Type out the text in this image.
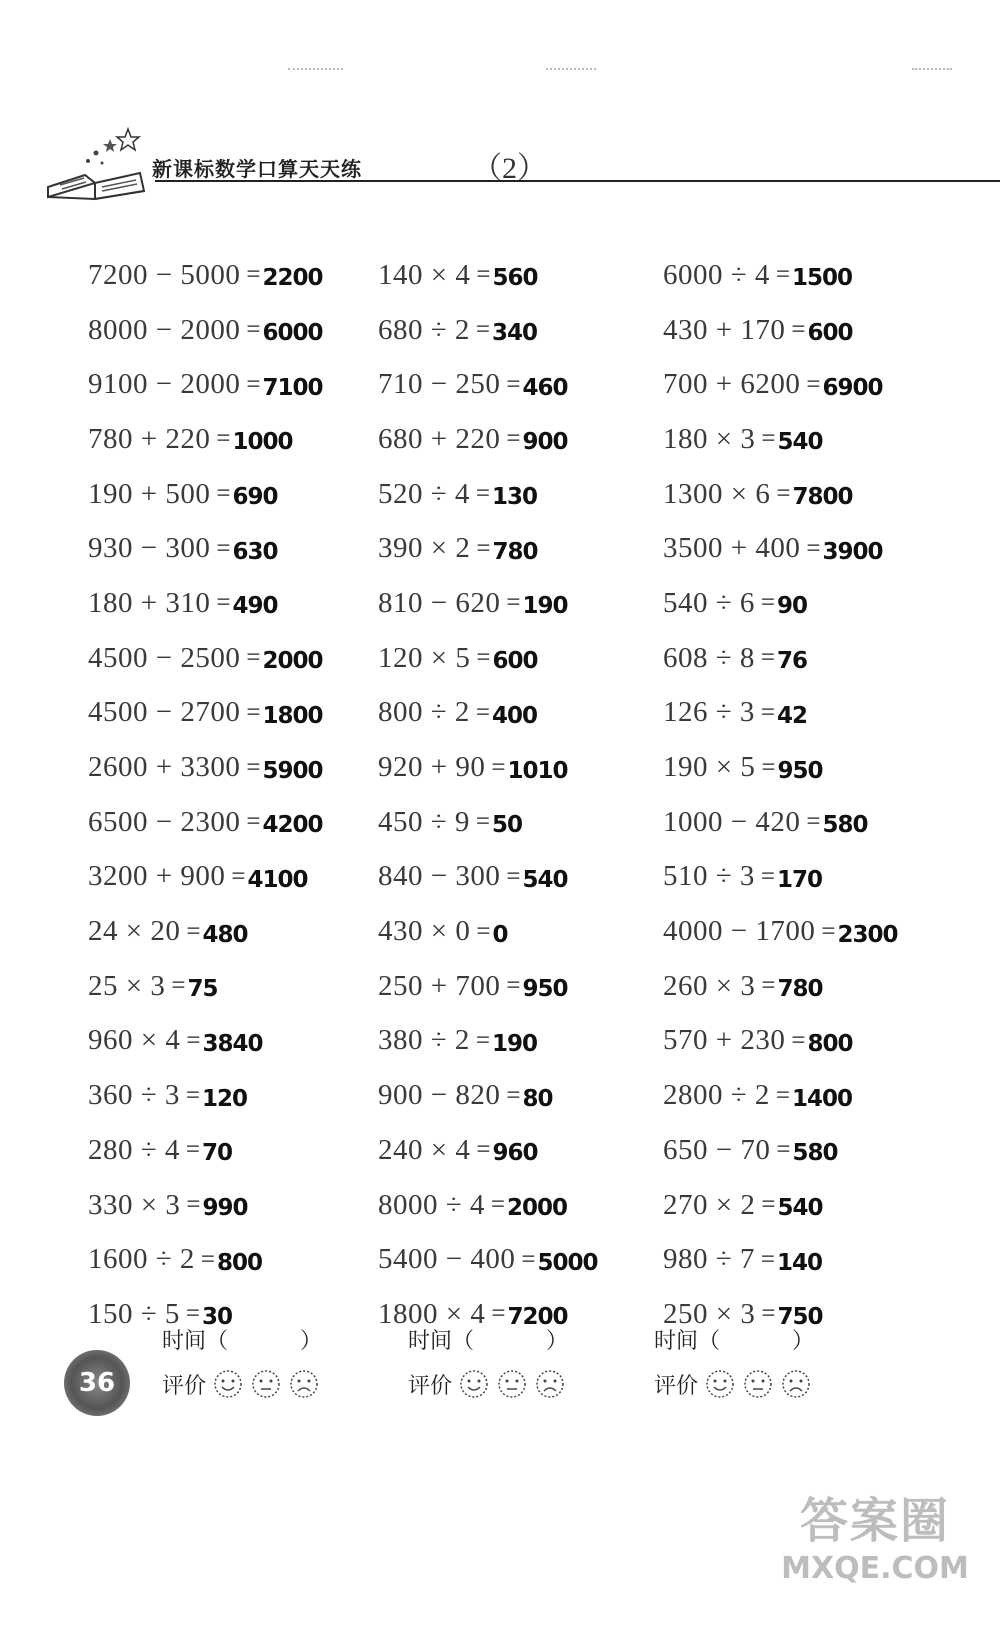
新课标数学口算天天练	（2）
7200 − 5000 = 2200
8000 − 2000 = 6000
9100 − 2000 = 7100
780 + 220 = 1000
190 + 500 = 690
930 − 300 = 630
180 + 310 = 490
4500 − 2500 = 2000
4500 − 2700 = 1800
2600 + 3300 = 5900
6500 − 2300 = 4200
3200 + 900 = 4100
24 × 20 = 480
25 × 3 = 75
960 × 4 = 3840
360 ÷ 3 = 120
280 ÷ 4 = 70
330 × 3 = 990
1600 ÷ 2 = 800
150 ÷ 5 = 30
140 × 4 = 560
680 ÷ 2 = 340
710 − 250 = 460
680 + 220 = 900
520 ÷ 4 = 130
390 × 2 = 780
810 − 620 = 190
120 × 5 = 600
800 ÷ 2 = 400
920 + 90 = 1010
450 ÷ 9 = 50
840 − 300 = 540
430 × 0 = 0
250 + 700 = 950
380 ÷ 2 = 190
900 − 820 = 80
240 × 4 = 960
8000 ÷ 4 = 2000
5400 − 400 = 5000
1800 × 4 = 7200
6000 ÷ 4 = 1500
430 + 170 = 600
700 + 6200 = 6900
180 × 3 = 540
1300 × 6 = 7800
3500 + 400 = 3900
540 ÷ 6 = 90
608 ÷ 8 = 76
126 ÷ 3 = 42
190 × 5 = 950
1000 − 420 = 580
510 ÷ 3 = 170
4000 − 1700 = 2300
260 × 3 = 780
570 + 230 = 800
2800 ÷ 2 = 1400
650 − 70 = 580
270 × 2 = 540
980 ÷ 7 = 140
250 × 3 = 750
时间（	）
评价
时间（	）
评价
时间（	）
评价
36
答案圈
MXQE.COM
